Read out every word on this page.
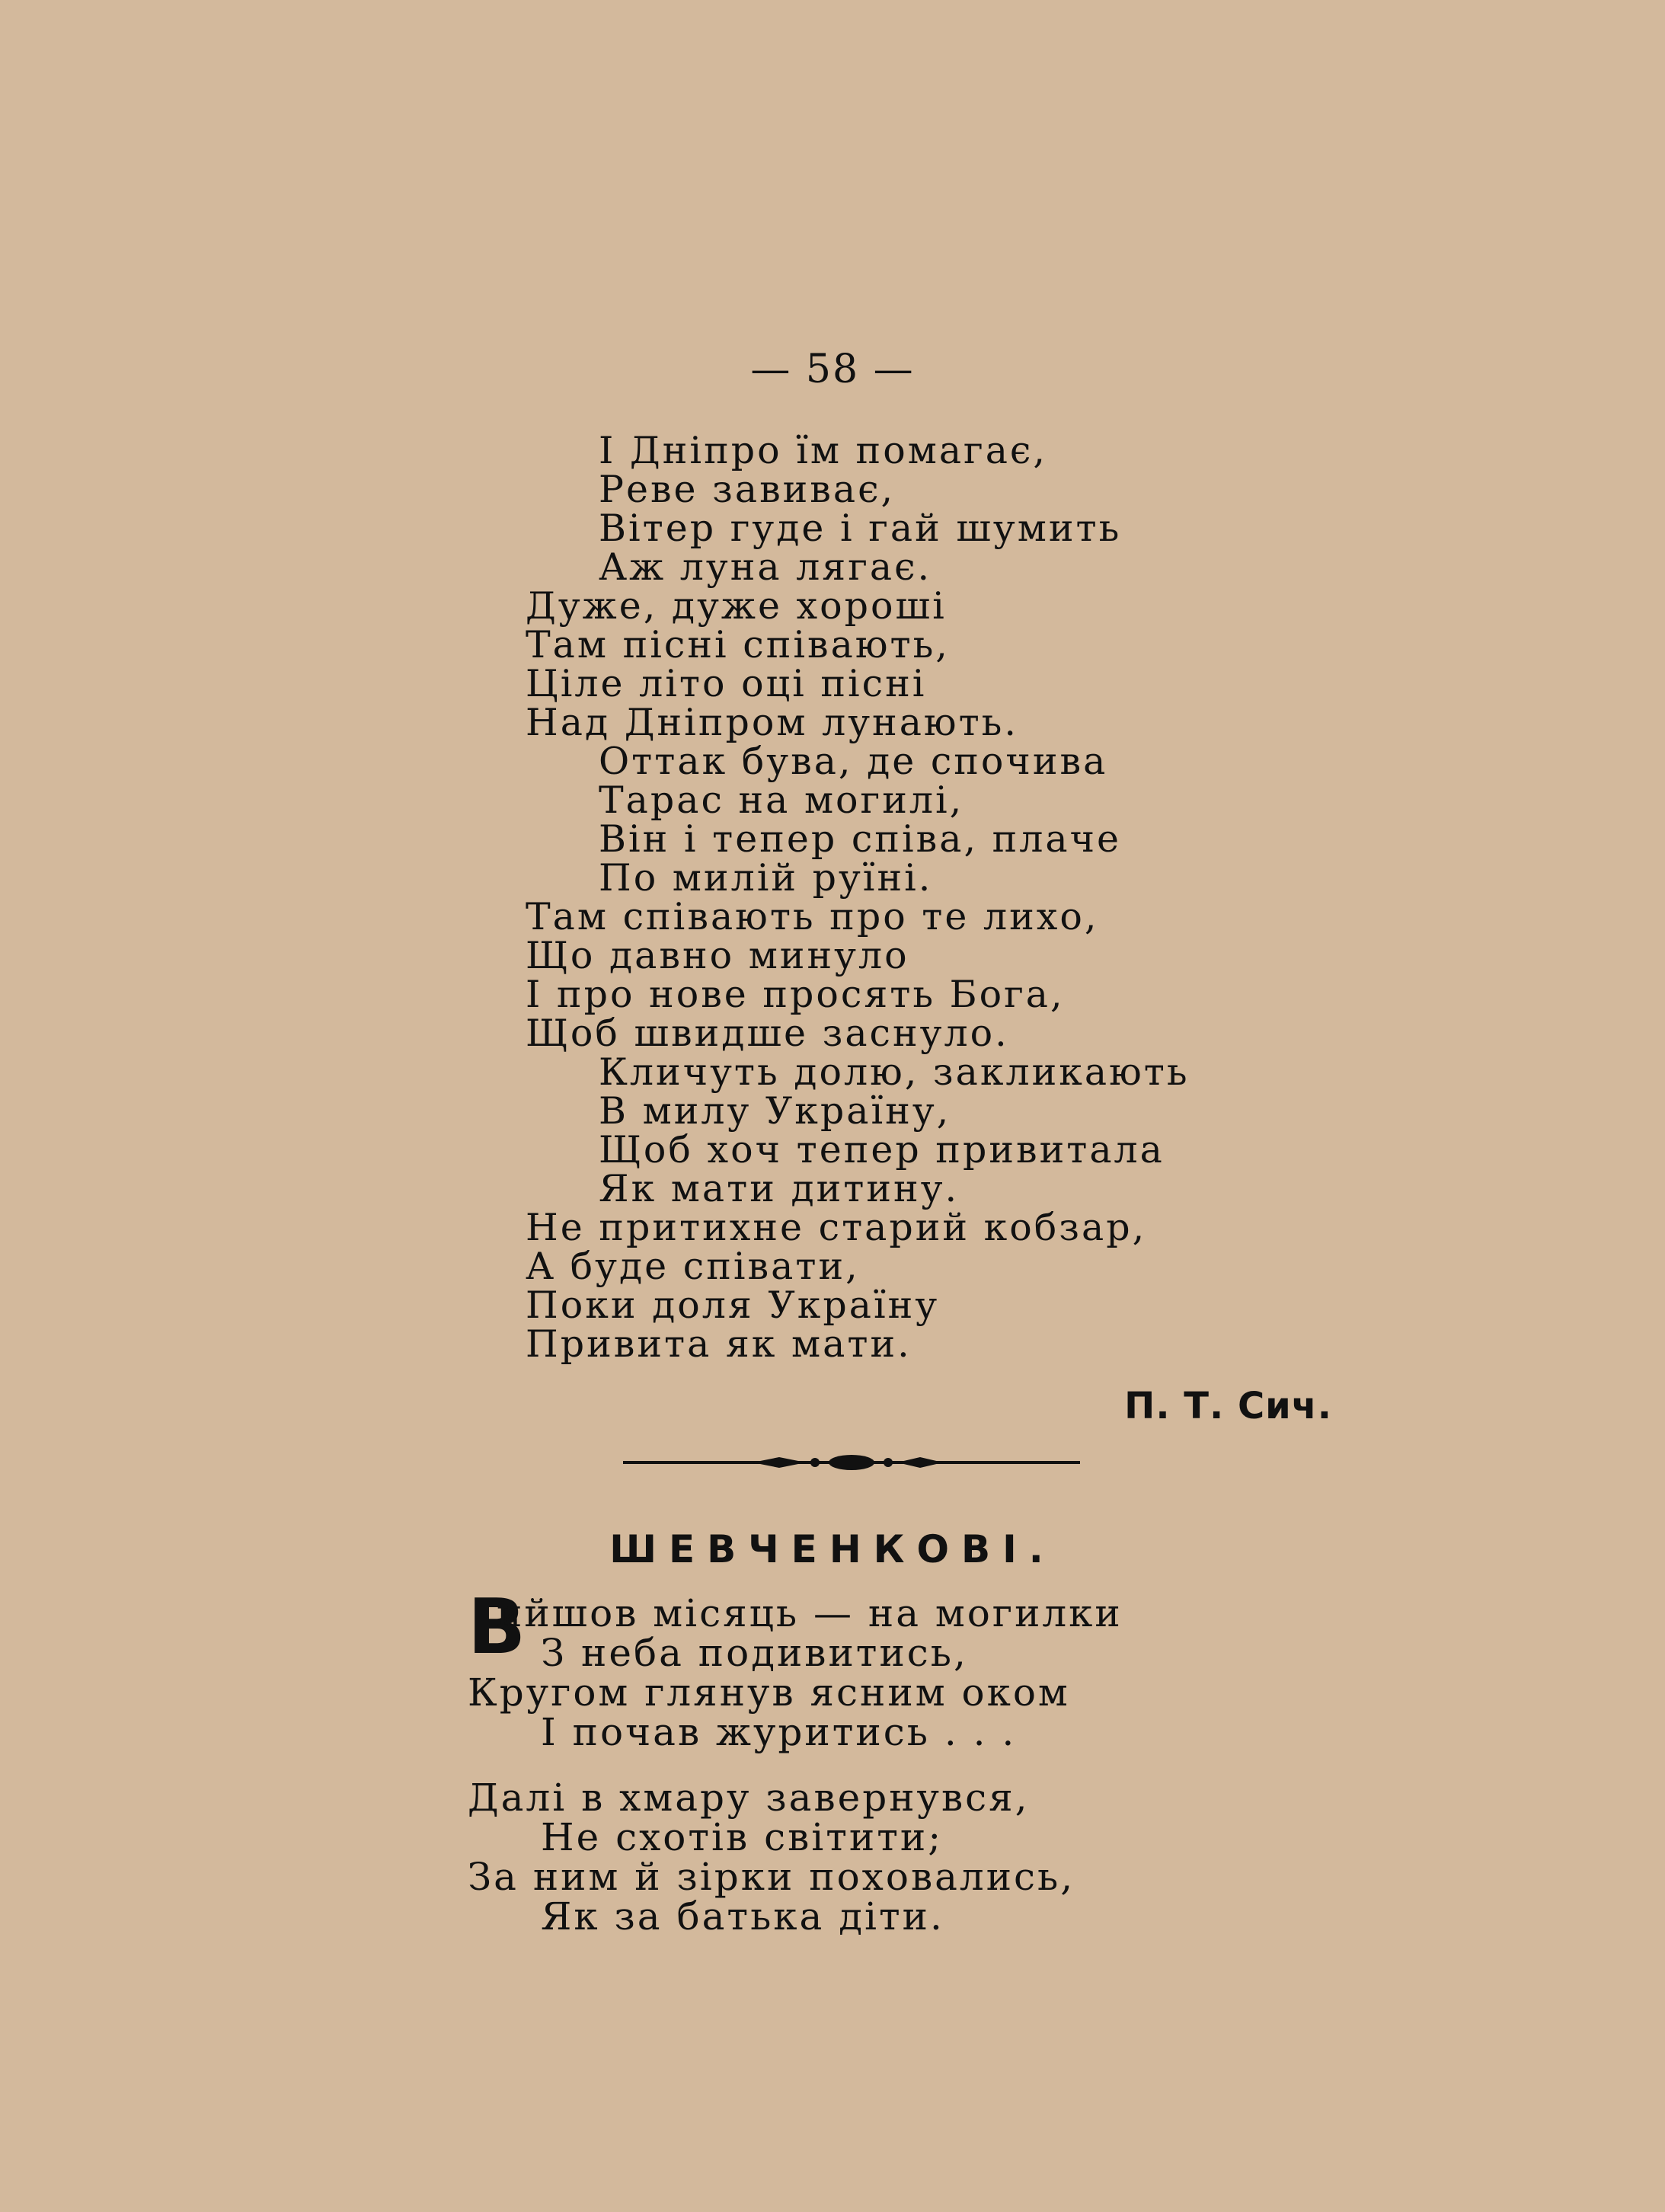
— 58 —
І Дніпро їм помагає,
Реве завиває,
Вітер гуде і гай шумить
Аж луна лягає.
Дуже, дуже хороші
Там пісні співають,
Ціле літо оці пісні
Над Дніпром лунають.
Оттак бува, де спочива
Тарас на могилі,
Він і тепер співа, плаче
По милій руїні.
Там співають про те лихо,
Що давно минуло
І про нове просять Бога,
Щоб швидше заснуло.
Кличуть долю, закликають
В милу Україну,
Щоб хоч тепер привитала
Як мати дитину.
Не притихне старий кобзар,
А буде співати,
Поки доля Україну
Привита як мати.
П. Т. Сич.
ШЕВЧЕНКОВІ.
Вийшов місяць — на могилки
З неба подивитись,
Кругом глянув ясним оком
І почав журитись . . .
Далі в хмару завернувся,
Не схотів світити;
За ним й зірки поховались,
Як за батька діти.
